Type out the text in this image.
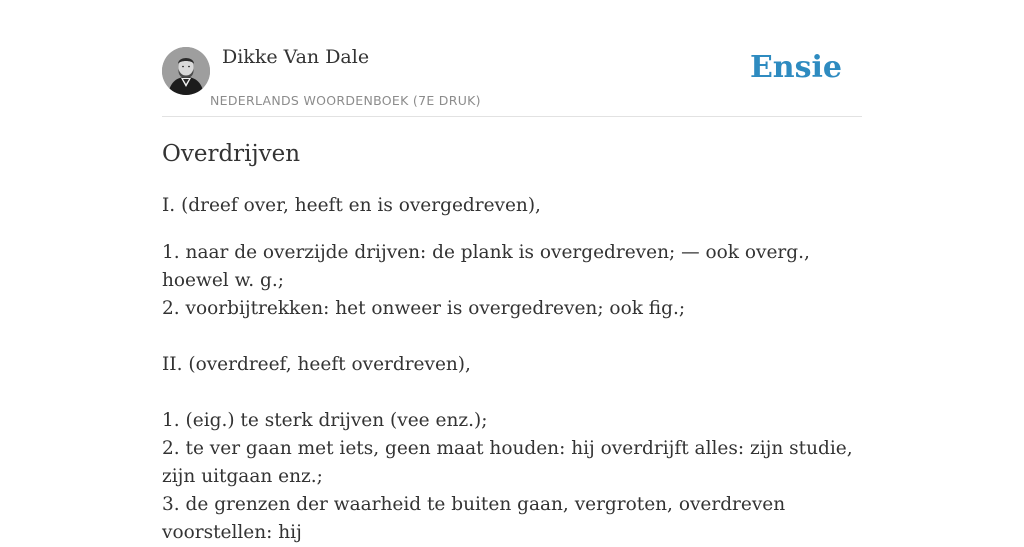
Dikke Van Dale
NEDERLANDS WOORDENBOEK (7E DRUK)
Ensie
Overdrijven

I. (dreef over, heeft en is overgedreven),

1. naar de overzijde drijven: de plank is overgedreven; — ook overg., hoewel w. g.;

2. voorbijtrekken: het onweer is overgedreven; ook fig.;

II. (overdreef, heeft overdreven),

1. (eig.) te sterk drijven (vee enz.);

2. te ver gaan met iets, geen maat houden: hij overdrijft alles: zijn studie, zijn uitgaan enz.;

3. de grenzen der waarheid te buiten gaan, vergroten, overdreven voorstellen: hij
